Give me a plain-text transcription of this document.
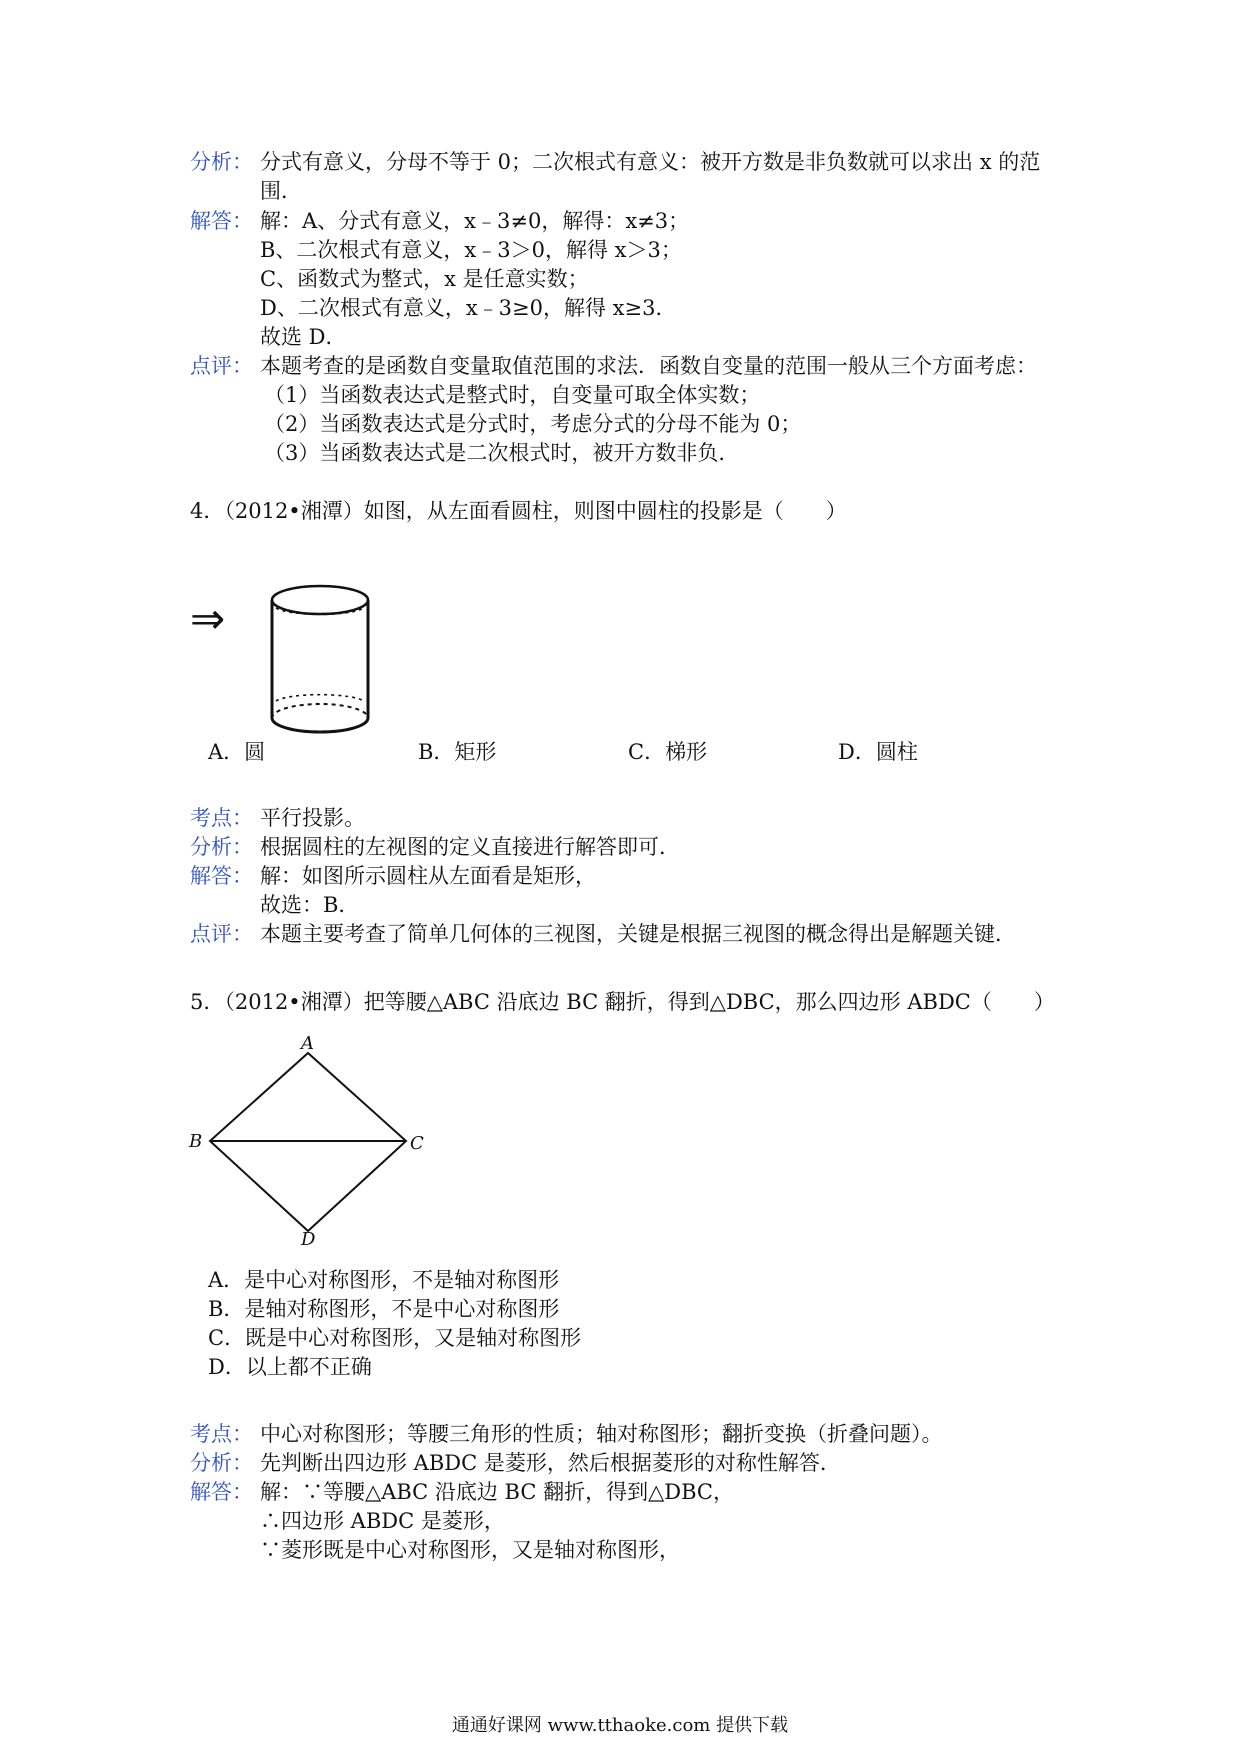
分析： 分式有意义，分母不等于 0；二次根式有意义：被开方数是非负数就可以求出 x 的范
围．
解答： 解：A、分式有意义，x﹣3≠0，解得：x≠3；
B、二次根式有意义，x﹣3＞0，解得 x＞3；
C、函数式为整式，x 是任意实数；
D、二次根式有意义，x﹣3≥0，解得 x≥3．
故选 D．
点评： 本题考查的是函数自变量取值范围的求法．函数自变量的范围一般从三个方面考虑：
（1）当函数表达式是整式时，自变量可取全体实数；
（2）当函数表达式是分式时，考虑分式的分母不能为 0；
（3）当函数表达式是二次根式时，被开方数非负．
4．（2012•湘潭）如图，从左面看圆柱，则图中圆柱的投影是（　　）
⇒
A．圆	B．矩形	C．梯形	D．圆柱
考点： 平行投影。
分析： 根据圆柱的左视图的定义直接进行解答即可．
解答： 解：如图所示圆柱从左面看是矩形，
故选：B．
点评： 本题主要考查了简单几何体的三视图，关键是根据三视图的概念得出是解题关键．
5．（2012•湘潭）把等腰△ABC 沿底边 BC 翻折，得到△DBC，那么四边形 ABDC（　　）
A
B	C
D
A．是中心对称图形，不是轴对称图形
B．是轴对称图形，不是中心对称图形
C．既是中心对称图形，又是轴对称图形
D．以上都不正确
考点： 中心对称图形；等腰三角形的性质；轴对称图形；翻折变换（折叠问题）。
分析： 先判断出四边形 ABDC 是菱形，然后根据菱形的对称性解答．
解答： 解：∵等腰△ABC 沿底边 BC 翻折，得到△DBC，
∴四边形 ABDC 是菱形，
∵菱形既是中心对称图形，又是轴对称图形，
通通好课网 www.tthaoke.com 提供下载
